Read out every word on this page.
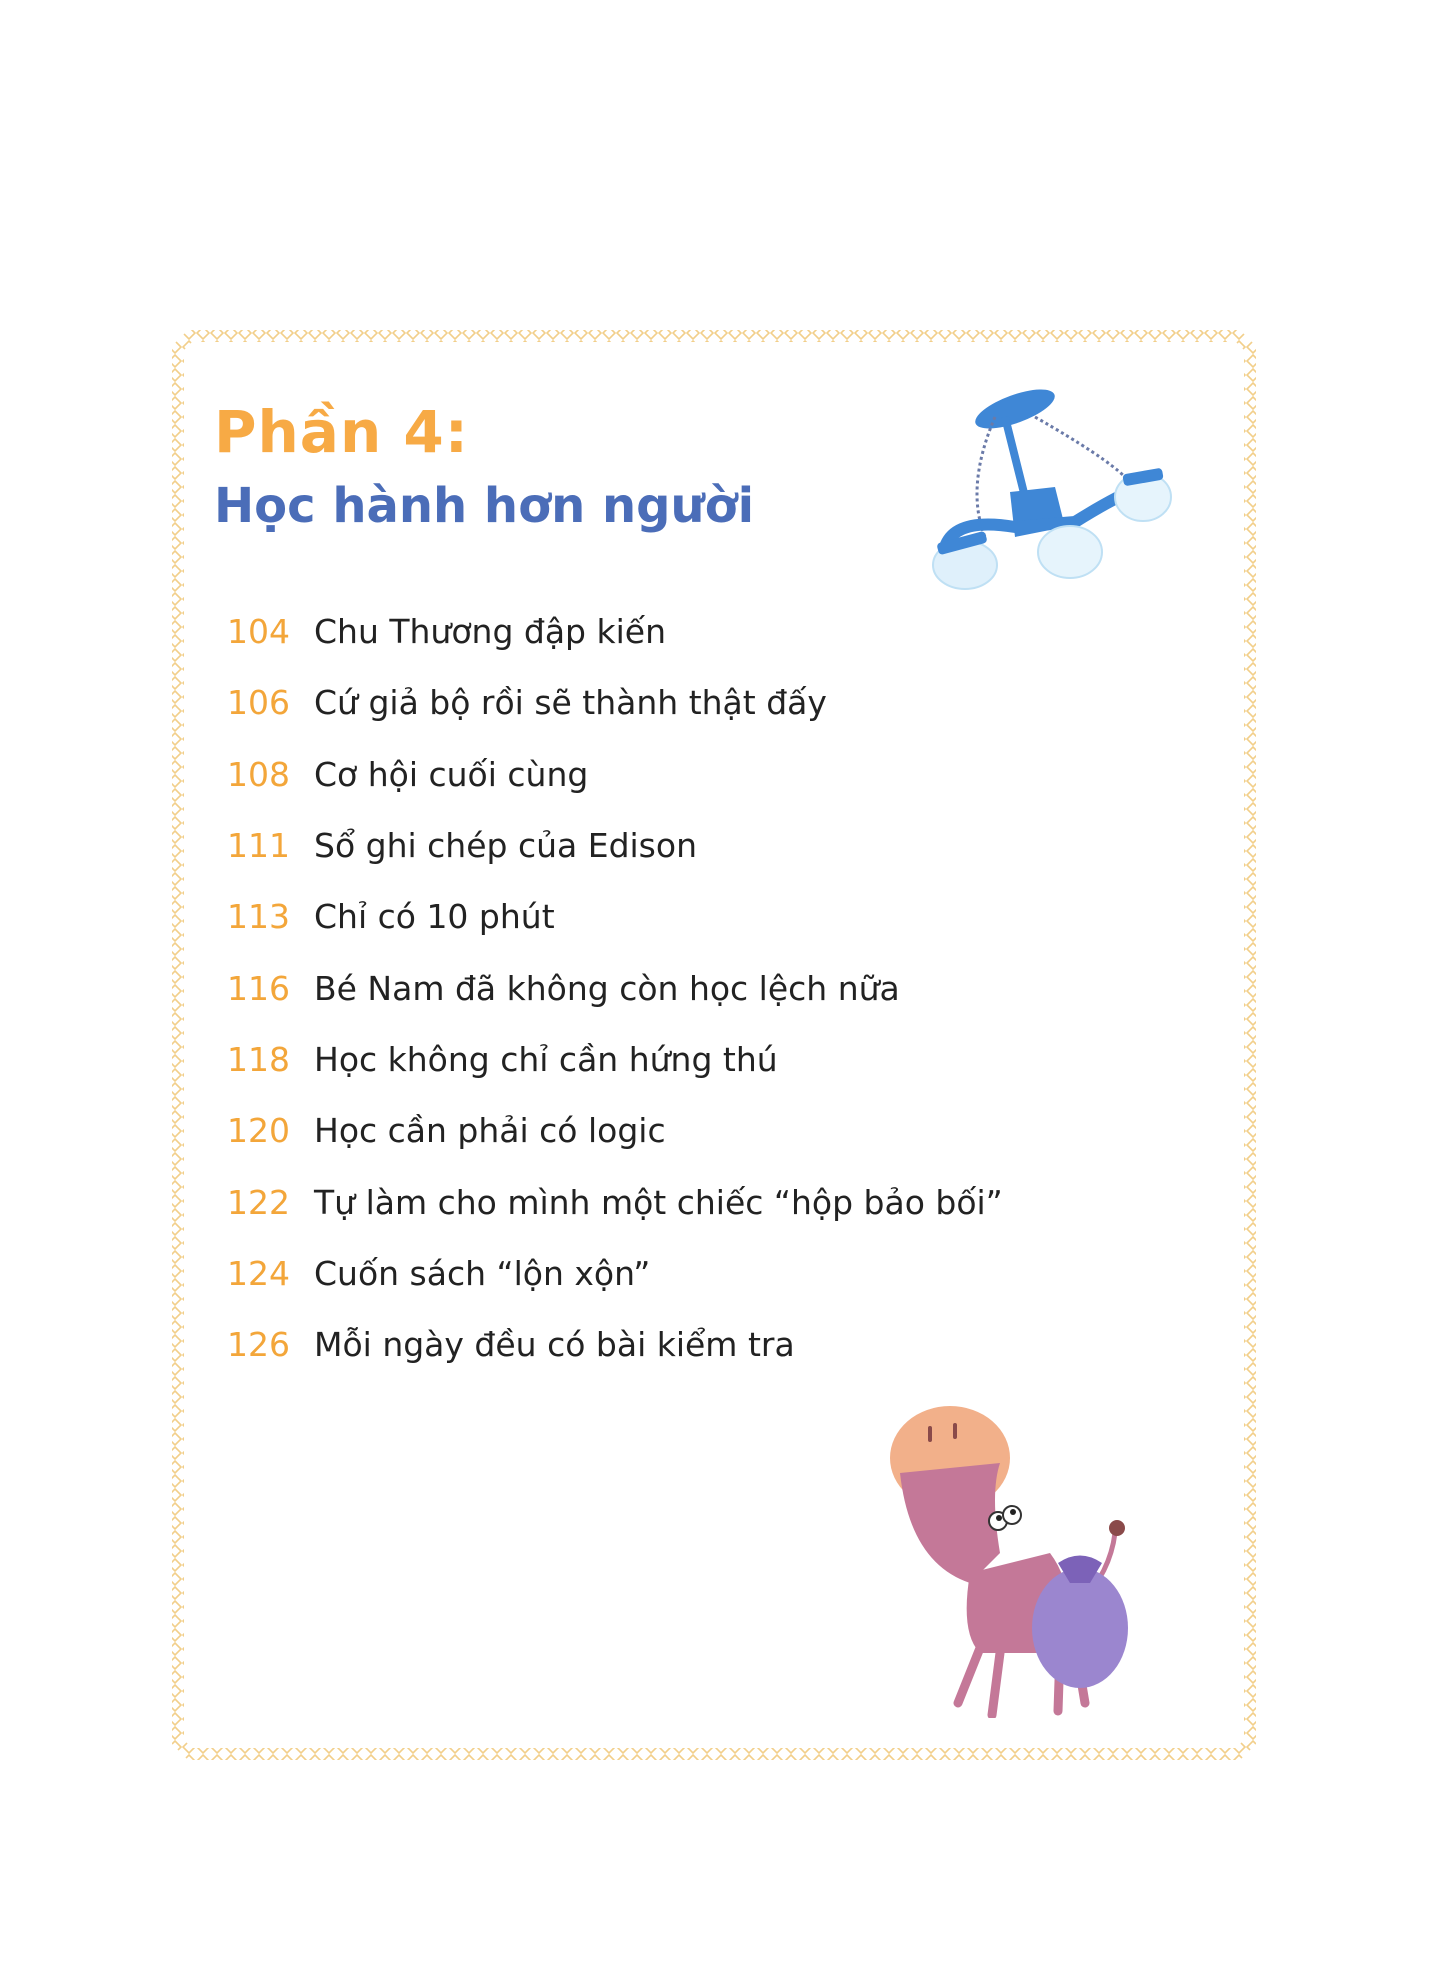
Phần 4:
Học hành hơn người
104 Chu Thương đập kiến
106 Cứ giả bộ rồi sẽ thành thật đấy
108 Cơ hội cuối cùng
111 Sổ ghi chép của Edison
113 Chỉ có 10 phút
116 Bé Nam đã không còn học lệch nữa
118 Học không chỉ cần hứng thú
120 Học cần phải có logic
122 Tự làm cho mình một chiếc “hộp bảo bối”
124 Cuốn sách “lộn xộn”
126 Mỗi ngày đều có bài kiểm tra
